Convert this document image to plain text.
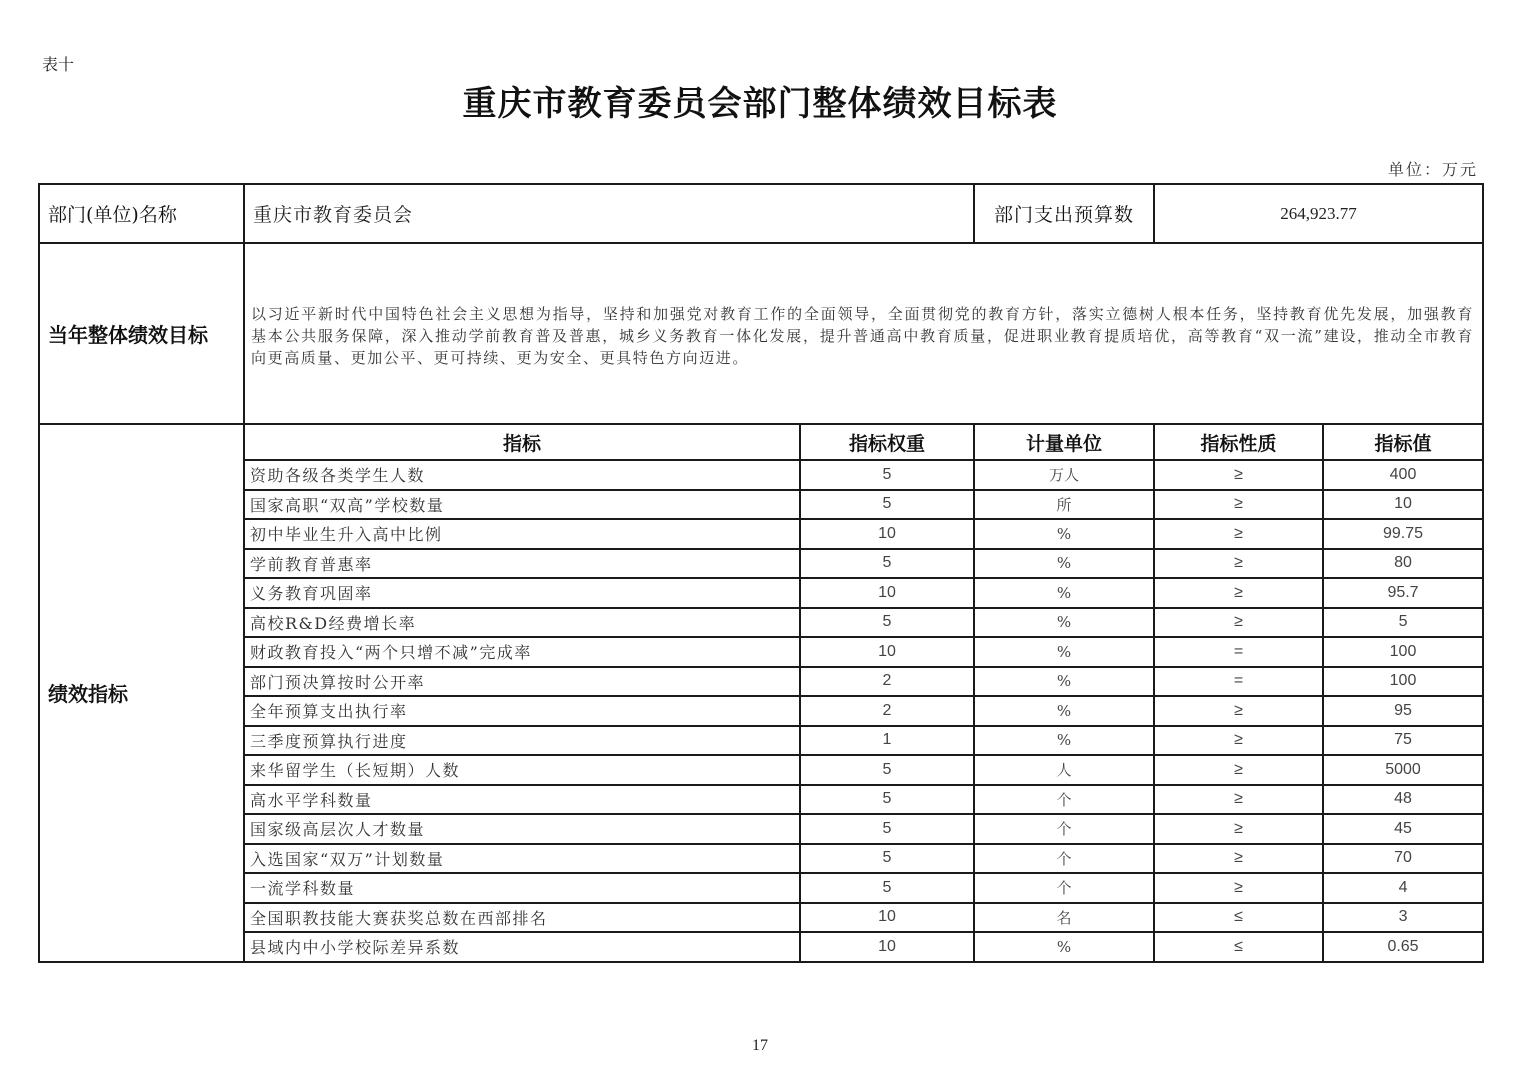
表十
重庆市教育委员会部门整体绩效目标表
单位：万元
部门(单位)名称	重庆市教育委员会		部门支出预算数	264,923.77	
当年整体绩效目标	以习近平新时代中国特色社会主义思想为指导，坚持和加强党对教育工作的全面领导，全面贯彻党的教育方针，落实立德树人根本任务，坚持教育优先发展，加强教育基本公共服务保障，深入推动学前教育普及普惠，城乡义务教育一体化发展，提升普通高中教育质量，促进职业教育提质培优，高等教育“双一流”建设，推动全市教育向更高质量、更加公平、更可持续、更为安全、更具特色方向迈进。				
绩效指标	指标	指标权重	计量单位	指标性质	指标值
	资助各级各类学生人数	5	万人	≥	400
	国家高职“双高”学校数量	5	所	≥	10
	初中毕业生升入高中比例	10	%	≥	99.75
	学前教育普惠率	5	%	≥	80
	义务教育巩固率	10	%	≥	95.7
	高校R&D经费增长率	5	%	≥	5
	财政教育投入“两个只增不减”完成率	10	%	=	100
	部门预决算按时公开率	2	%	=	100
	全年预算支出执行率	2	%	≥	95
	三季度预算执行进度	1	%	≥	75
	来华留学生（长短期）人数	5	人	≥	5000
	高水平学科数量	5	个	≥	48
	国家级高层次人才数量	5	个	≥	45
	入选国家“双万”计划数量	5	个	≥	70
	一流学科数量	5	个	≥	4
	全国职教技能大赛获奖总数在西部排名	10	名	≤	3
	县域内中小学校际差异系数	10	%	≤	0.65
17
